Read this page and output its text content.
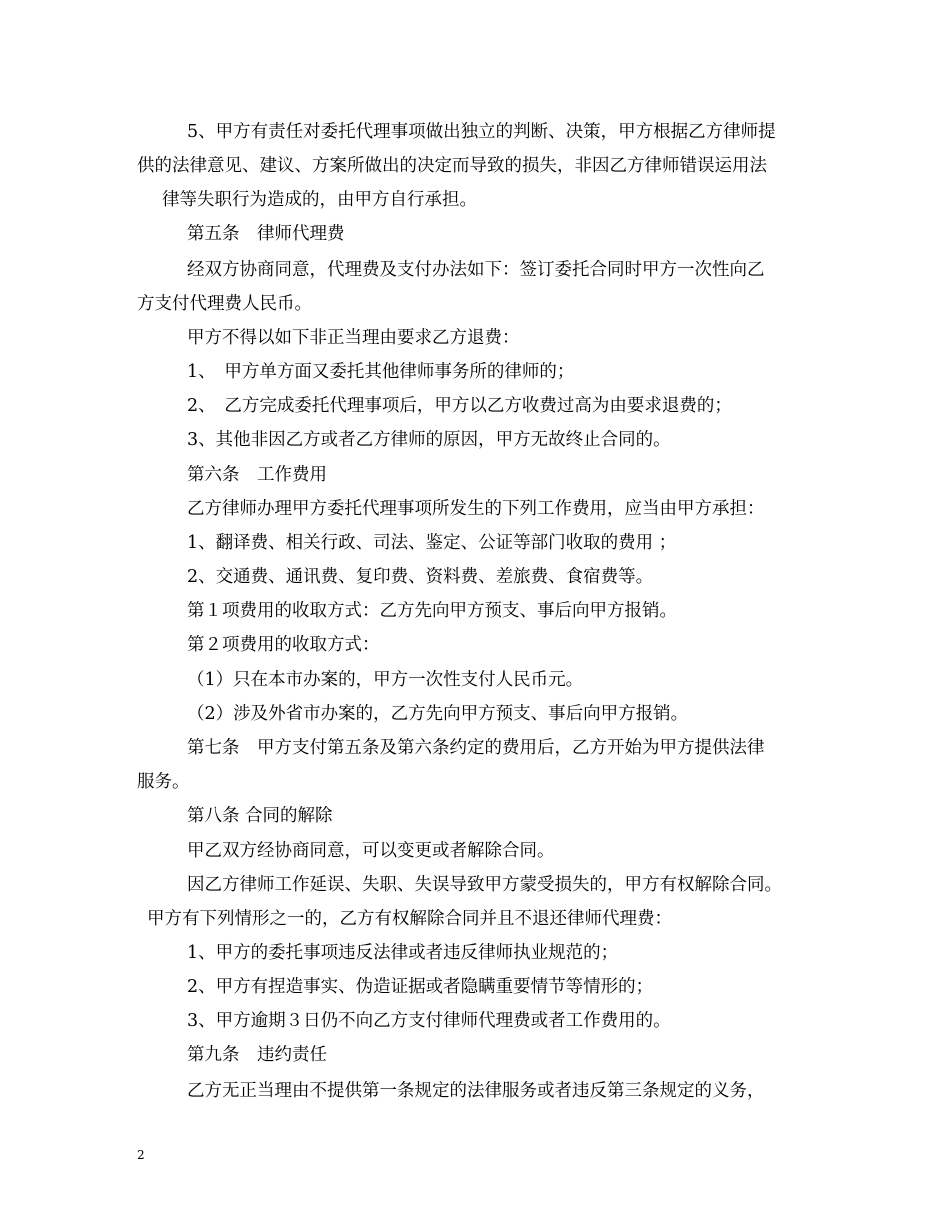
5、甲方有责任对委托代理事项做出独立的判断、决策，甲方根据乙方律师提
供的法律意见、建议、方案所做出的决定而导致的损失，非因乙方律师错误运用法
律等失职行为造成的，由甲方自行承担。
第五条　律师代理费
经双方协商同意，代理费及支付办法如下：签订委托合同时甲方一次性向乙
方支付代理费人民币。
甲方不得以如下非正当理由要求乙方退费：
1、　甲方单方面又委托其他律师事务所的律师的；
2、　乙方完成委托代理事项后，甲方以乙方收费过高为由要求退费的；
3、其他非因乙方或者乙方律师的原因，甲方无故终止合同的。
第六条　工作费用
乙方律师办理甲方委托代理事项所发生的下列工作费用，应当由甲方承担：
1、翻译费、相关行政、司法、鉴定、公证等部门收取的费用 ；
2、交通费、通讯费、复印费、资料费、差旅费、食宿费等。
第１项费用的收取方式：乙方先向甲方预支、事后向甲方报销。
第２项费用的收取方式：
（1）只在本市办案的，甲方一次性支付人民币元。
（2）涉及外省市办案的，乙方先向甲方预支、事后向甲方报销。
第七条　甲方支付第五条及第六条约定的费用后，乙方开始为甲方提供法律
服务。
第八条 合同的解除
甲乙双方经协商同意，可以变更或者解除合同。
因乙方律师工作延误、失职、失误导致甲方蒙受损失的，甲方有权解除合同。
甲方有下列情形之一的，乙方有权解除合同并且不退还律师代理费：
1、甲方的委托事项违反法律或者违反律师执业规范的；
2、甲方有捏造事实、伪造证据或者隐瞒重要情节等情形的；
3、甲方逾期３日仍不向乙方支付律师代理费或者工作费用的。
第九条　违约责任
乙方无正当理由不提供第一条规定的法律服务或者违反第三条规定的义务，
2
